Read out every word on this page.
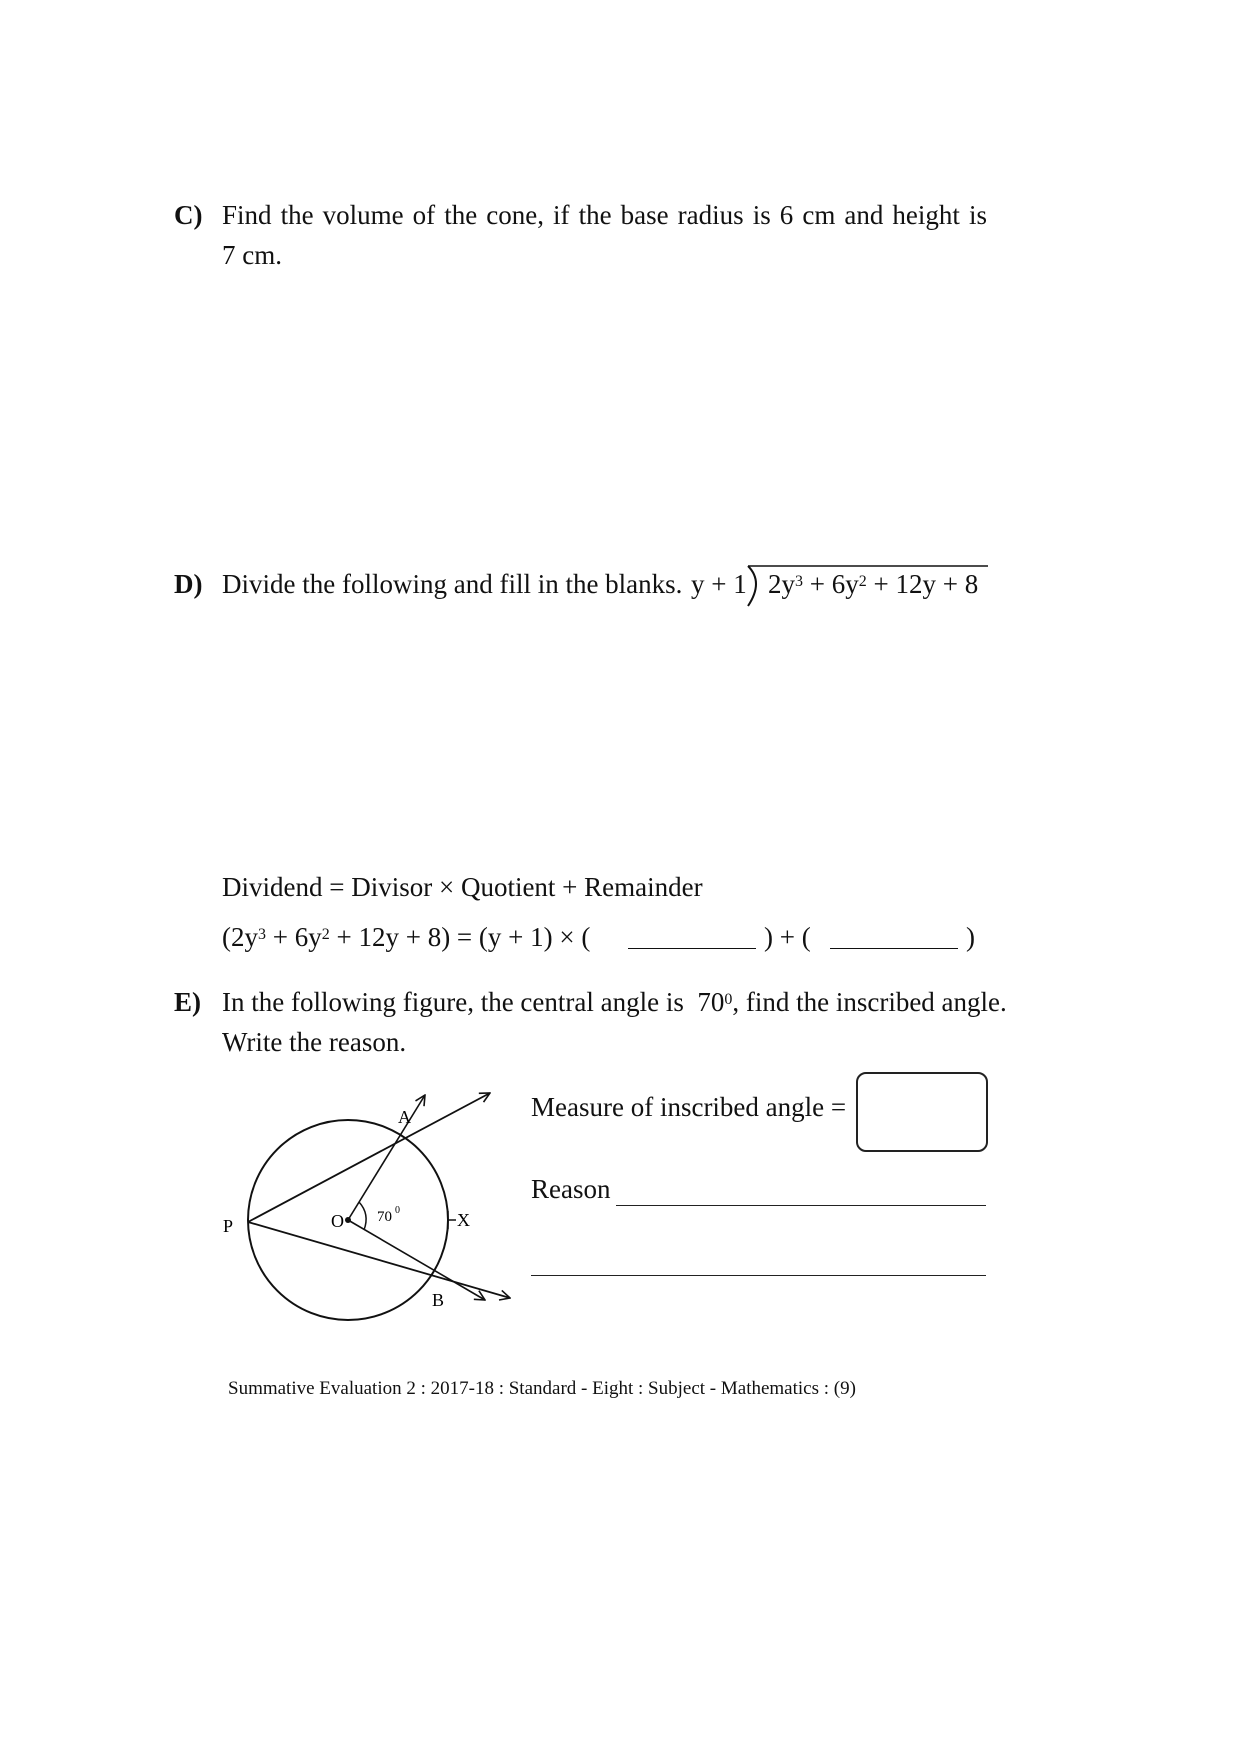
C) Find the volume of the cone, if the base radius is 6 cm and height is
7 cm.
D) Divide the following and fill in the blanks. y + 1 $2y^3 + 6y^2 + 12y + 8$
Dividend = Divisor × Quotient + Remainder
$(2y^3 + 6y^2 + 12y + 8) = (y + 1)$ × (	) + (	)
E) In the following figure, the central angle is  $70^0$, find the inscribed angle.
Write the reason.
A
B
O
P	X
70 0
Measure of inscribed angle =
Reason
Summative Evaluation 2 : 2017-18 : Standard - Eight : Subject - Mathematics : (9)
